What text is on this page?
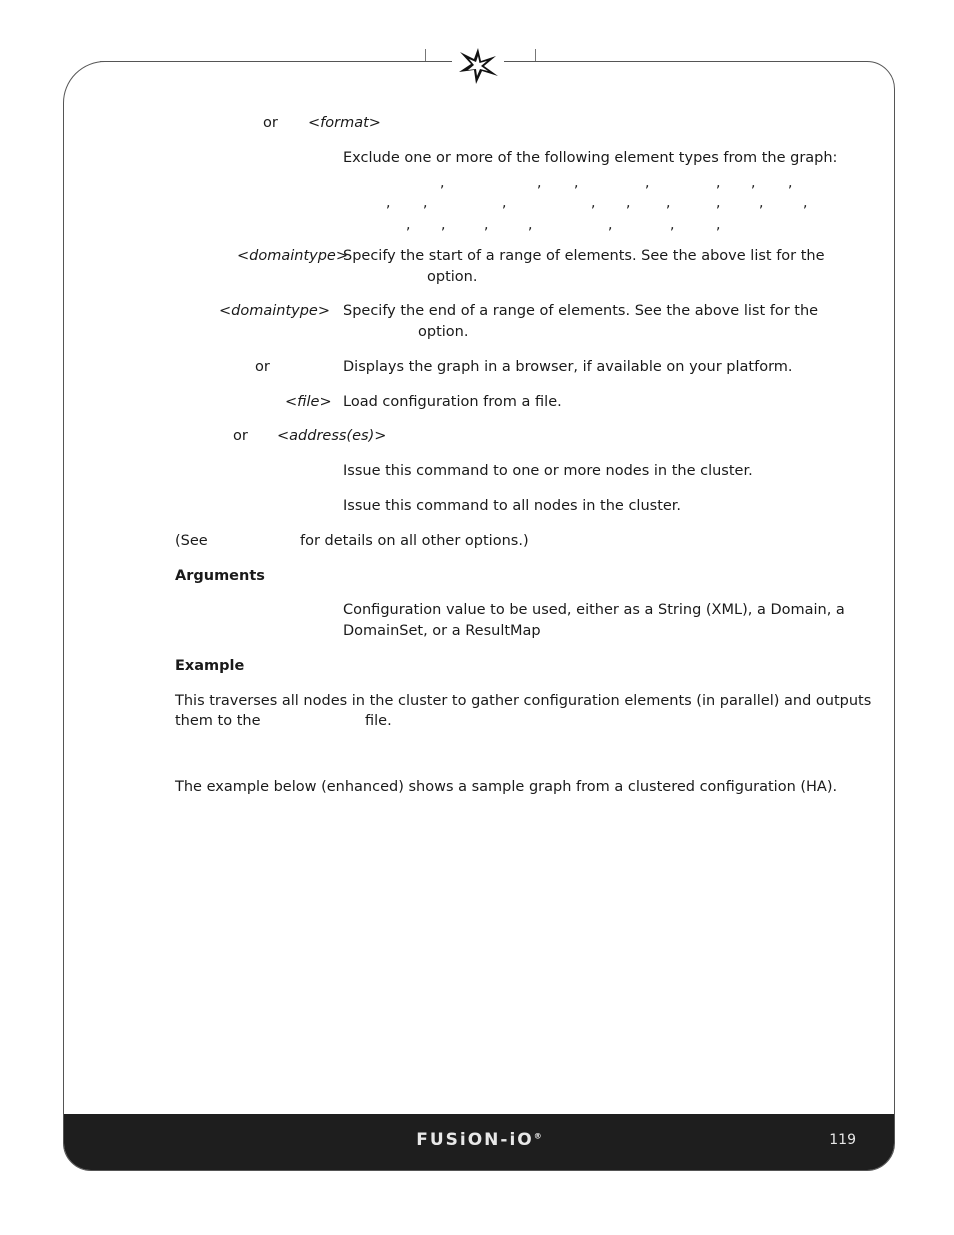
FUSiON-iO®	119
or <format>
Exclude one or more of the following element types from the graph:
,	, ,	,	, , ,
, ,	,	, ,	,	,	,	,
, ,	,	,	,	,	,
<domaintype>
Specify the start of a range of elements. See the above list for the
option.
<domaintype> Specify the end of a range of elements. See the above list for the
option.
or	Displays the graph in a browser, if available on your platform.
<file> Load configuration from a file.
or <address(es)>
Issue this command to one or more nodes in the cluster.
Issue this command to all nodes in the cluster.
(See	for details on all other options.)
Arguments
Configuration value to be used, either as a String (XML), a Domain, a
DomainSet, or a ResultMap
Example
This traverses all nodes in the cluster to gather configuration elements (in parallel) and outputs
them to the	file.
The example below (enhanced) shows a sample graph from a clustered configuration (HA).
